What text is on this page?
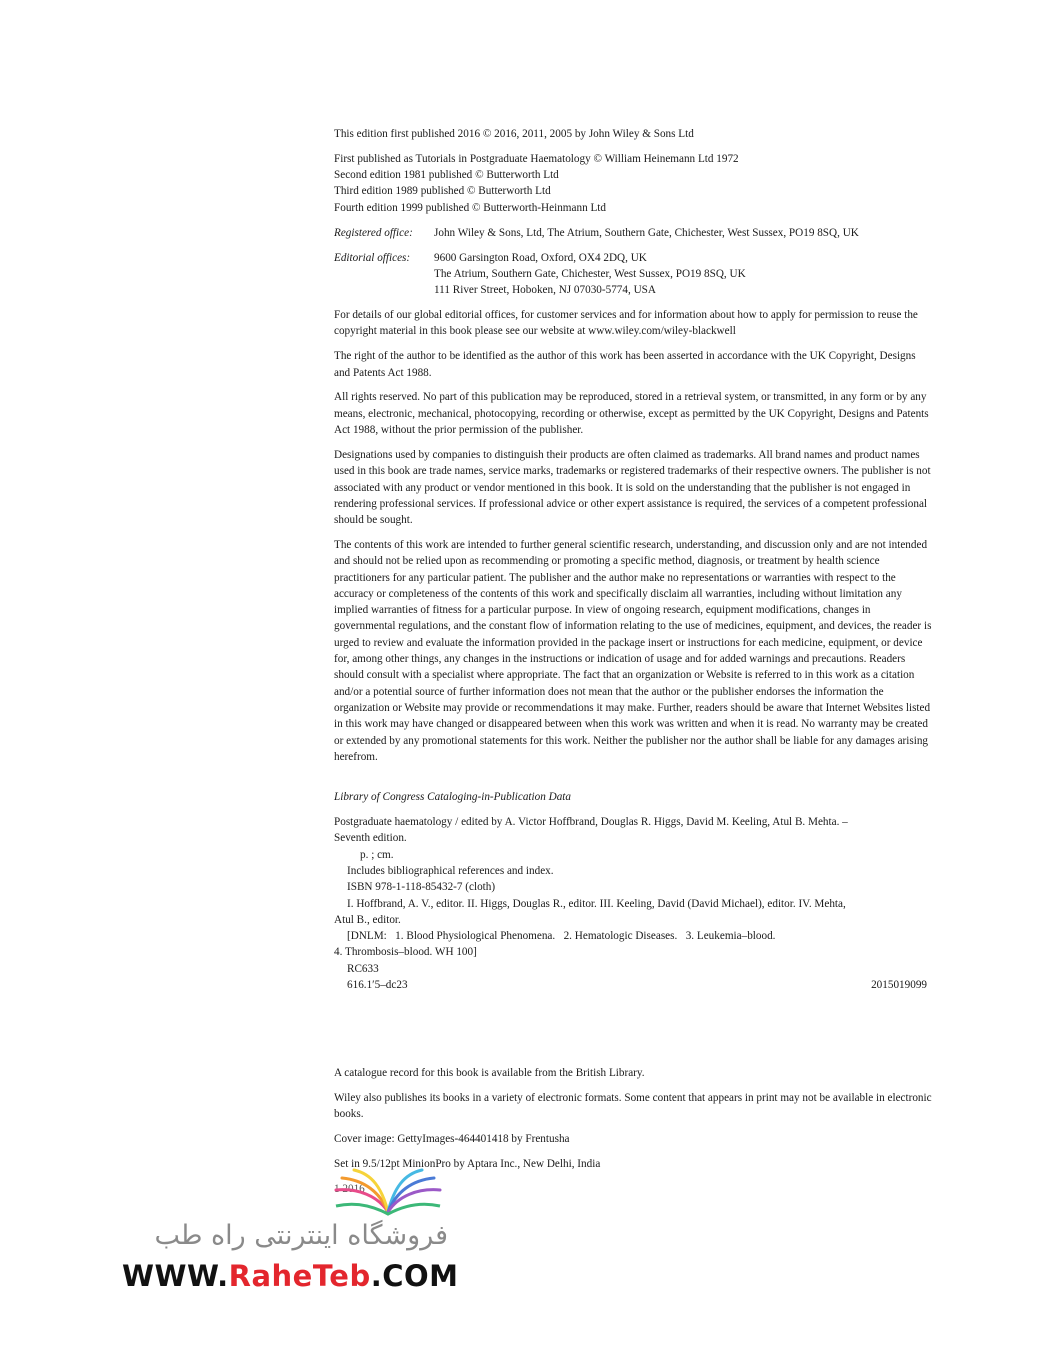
This edition first published 2016 © 2016, 2011, 2005 by John Wiley & Sons Ltd

First published as Tutorials in Postgraduate Haematology © William Heinemann Ltd 1972
Second edition 1981 published © Butterworth Ltd
Third edition 1989 published © Butterworth Ltd
Fourth edition 1999 published © Butterworth-Heinmann Ltd
Registered office:	John Wiley & Sons, Ltd, The Atrium, Southern Gate, Chichester, West Sussex, PO19 8SQ, UK
Editorial offices:	9600 Garsington Road, Oxford, OX4 2DQ, UK
The Atrium, Southern Gate, Chichester, West Sussex, PO19 8SQ, UK
111 River Street, Hoboken, NJ 07030-5774, USA

For details of our global editorial offices, for customer services and for information about how to apply for permission to reuse the copyright material in this book please see our website at www.wiley.com/wiley-blackwell

The right of the author to be identified as the author of this work has been asserted in accordance with the UK Copyright, Designs and Patents Act 1988.

All rights reserved. No part of this publication may be reproduced, stored in a retrieval system, or transmitted, in any form or by any means, electronic, mechanical, photocopying, recording or otherwise, except as permitted by the UK Copyright, Designs and Patents Act 1988, without the prior permission of the publisher.

Designations used by companies to distinguish their products are often claimed as trademarks. All brand names and product names used in this book are trade names, service marks, trademarks or registered trademarks of their respective owners. The publisher is not associated with any product or vendor mentioned in this book. It is sold on the understanding that the publisher is not engaged in rendering professional services. If professional advice or other expert assistance is required, the services of a competent professional should be sought.

The contents of this work are intended to further general scientific research, understanding, and discussion only and are not intended and should not be relied upon as recommending or promoting a specific method, diagnosis, or treatment by health science practitioners for any particular patient. The publisher and the author make no representations or warranties with respect to the accuracy or completeness of the contents of this work and specifically disclaim all warranties, including without limitation any implied warranties of fitness for a particular purpose. In view of ongoing research, equipment modifications, changes in governmental regulations, and the constant flow of information relating to the use of medicines, equipment, and devices, the reader is urged to review and evaluate the information provided in the package insert or instructions for each medicine, equipment, or device for, among other things, any changes in the instructions or indication of usage and for added warnings and precautions. Readers should consult with a specialist where appropriate. The fact that an organization or Website is referred to in this work as a citation and/or a potential source of further information does not mean that the author or the publisher endorses the information the organization or Website may provide or recommendations it may make. Further, readers should be aware that Internet Websites listed in this work may have changed or disappeared between when this work was written and when it is read. No warranty may be created or extended by any promotional statements for this work. Neither the publisher nor the author shall be liable for any damages arising herefrom.

Library of Congress Cataloging-in-Publication Data

Postgraduate haematology / edited by A. Victor Hoffbrand, Douglas R. Higgs, David M. Keeling, Atul B. Mehta. –
Seventh edition.
p. ; cm.
Includes bibliographical references and index.
ISBN 978-1-118-85432-7 (cloth)
I. Hoffbrand, A. V., editor. II. Higgs, Douglas R., editor. III. Keeling, David (David Michael), editor. IV. Mehta,
Atul B., editor.
[DNLM:   1. Blood Physiological Phenomena.   2. Hematologic Diseases.   3. Leukemia–blood.
4. Thrombosis–blood. WH 100]
RC633
616.1′5–dc23	2015019099

A catalogue record for this book is available from the British Library.

Wiley also publishes its books in a variety of electronic formats. Some content that appears in print may not be available in electronic books.

Cover image: GettyImages-464401418 by Frentusha

Set in 9.5/12pt MinionPro by Aptara Inc., New Delhi, India

1 2016

فروشگاه اینترنتی راه طب
WWW.RaheTeb.COM
